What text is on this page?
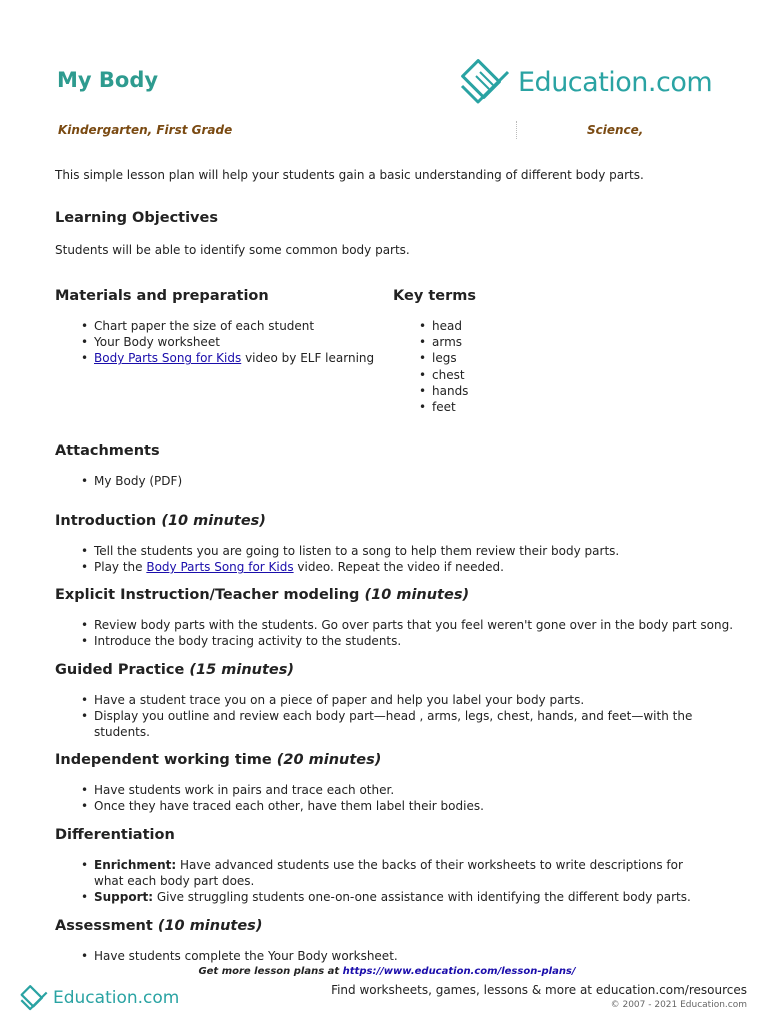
My Body	Education.com
Kindergarten, First Grade	Science,

This simple lesson plan will help your students gain a basic understanding of different body parts.

Learning Objectives

Students will be able to identify some common body parts.

Materials and preparation
• Chart paper the size of each student
• Your Body worksheet
• Body Parts Song for Kids video by ELF learning
Key terms
• head
• arms
• legs
• chest
• hands
• feet
Attachments
• My Body (PDF)
Introduction (10 minutes)
• Tell the students you are going to listen to a song to help them review their body parts.
• Play the Body Parts Song for Kids video. Repeat the video if needed.
Explicit Instruction/Teacher modeling (10 minutes)
• Review body parts with the students. Go over parts that you feel weren't gone over in the body part song.
• Introduce the body tracing activity to the students.
Guided Practice (15 minutes)
• Have a student trace you on a piece of paper and help you label your body parts.
• Display you outline and review each body part—head , arms, legs, chest, hands, and feet—with the students.
Independent working time (20 minutes)
• Have students work in pairs and trace each other.
• Once they have traced each other, have them label their bodies.
Differentiation
• Enrichment: Have advanced students use the backs of their worksheets to write descriptions for what each body part does.
• Support: Give struggling students one-on-one assistance with identifying the different body parts.
Assessment (10 minutes)
• Have students complete the Your Body worksheet.
Get more lesson plans at https://www.education.com/lesson-plans/
Education.com	Find worksheets, games, lessons & more at education.com/resources
© 2007 - 2021 Education.com
